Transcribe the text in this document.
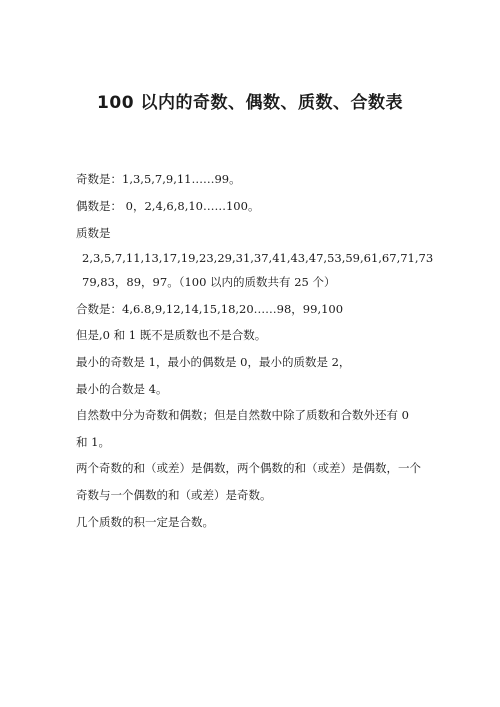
100 以内的奇数、偶数、质数、合数表
奇数是：1,3,5,7,9,11……99。
偶数是： 0，2,4,6,8,10……100。
质数是
2,3,5,7,11,13,17,19,23,29,31,37,41,43,47,53,59,61,67,71,73
79,83，89，97。（100 以内的质数共有 25 个）
合数是：4,6.8,9,12,14,15,18,20……98，99,100
但是,0 和 1 既不是质数也不是合数。
最小的奇数是 1，最小的偶数是 0，最小的质数是 2，
最小的合数是 4。
自然数中分为奇数和偶数；但是自然数中除了质数和合数外还有 0
和 1。
两个奇数的和（或差）是偶数，两个偶数的和（或差）是偶数，一个
奇数与一个偶数的和（或差）是奇数。
几个质数的积一定是合数。
